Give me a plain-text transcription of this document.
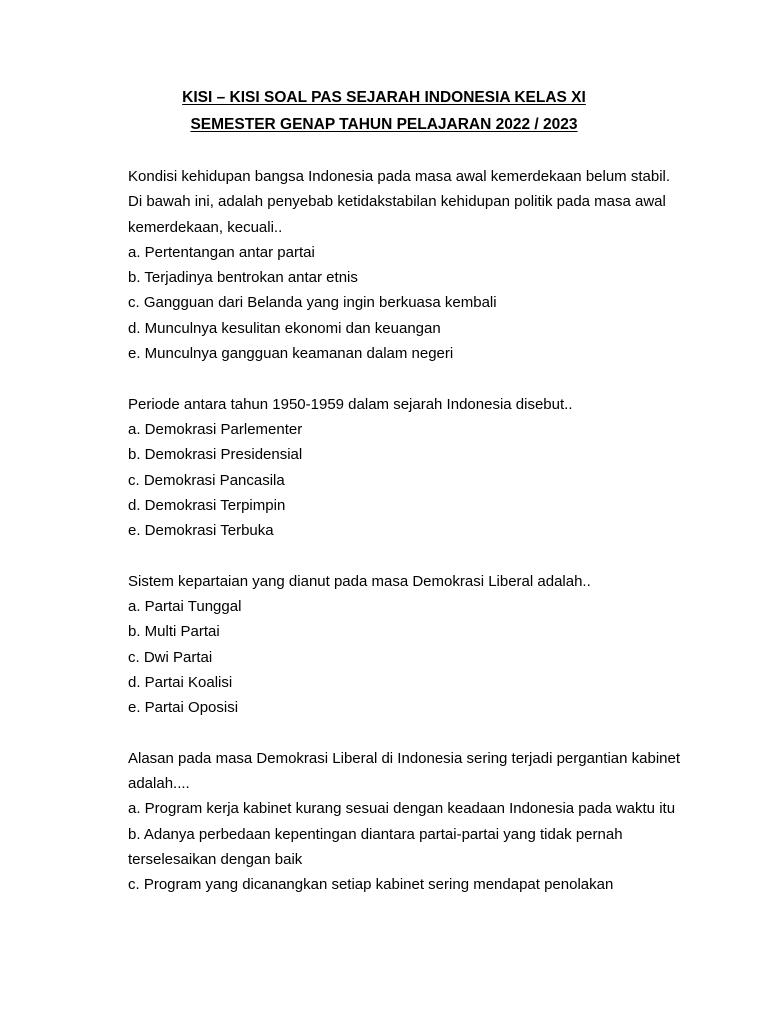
KISI – KISI SOAL PAS SEJARAH INDONESIA KELAS XI

SEMESTER GENAP TAHUN PELAJARAN 2022 / 2023

Kondisi kehidupan bangsa Indonesia pada masa awal kemerdekaan belum stabil. Di bawah ini, adalah penyebab ketidakstabilan kehidupan politik pada masa awal kemerdekaan, kecuali..

a. Pertentangan antar partai

b. Terjadinya bentrokan antar etnis

c. Gangguan dari Belanda yang ingin berkuasa kembali

d. Munculnya kesulitan ekonomi dan keuangan

e. Munculnya gangguan keamanan dalam negeri

Periode antara tahun 1950-1959 dalam sejarah Indonesia disebut..

a. Demokrasi Parlementer

b. Demokrasi Presidensial

c. Demokrasi Pancasila

d. Demokrasi Terpimpin

e. Demokrasi Terbuka

Sistem kepartaian yang dianut pada masa Demokrasi Liberal adalah..

a. Partai Tunggal

b. Multi Partai

c. Dwi Partai

d. Partai Koalisi

e. Partai Oposisi

Alasan pada masa Demokrasi Liberal di Indonesia sering terjadi pergantian kabinet adalah....

a. Program kerja kabinet kurang sesuai dengan keadaan Indonesia pada waktu itu

b. Adanya perbedaan kepentingan diantara partai-partai yang tidak pernah terselesaikan dengan baik

c. Program yang dicanangkan setiap kabinet sering mendapat penolakan
